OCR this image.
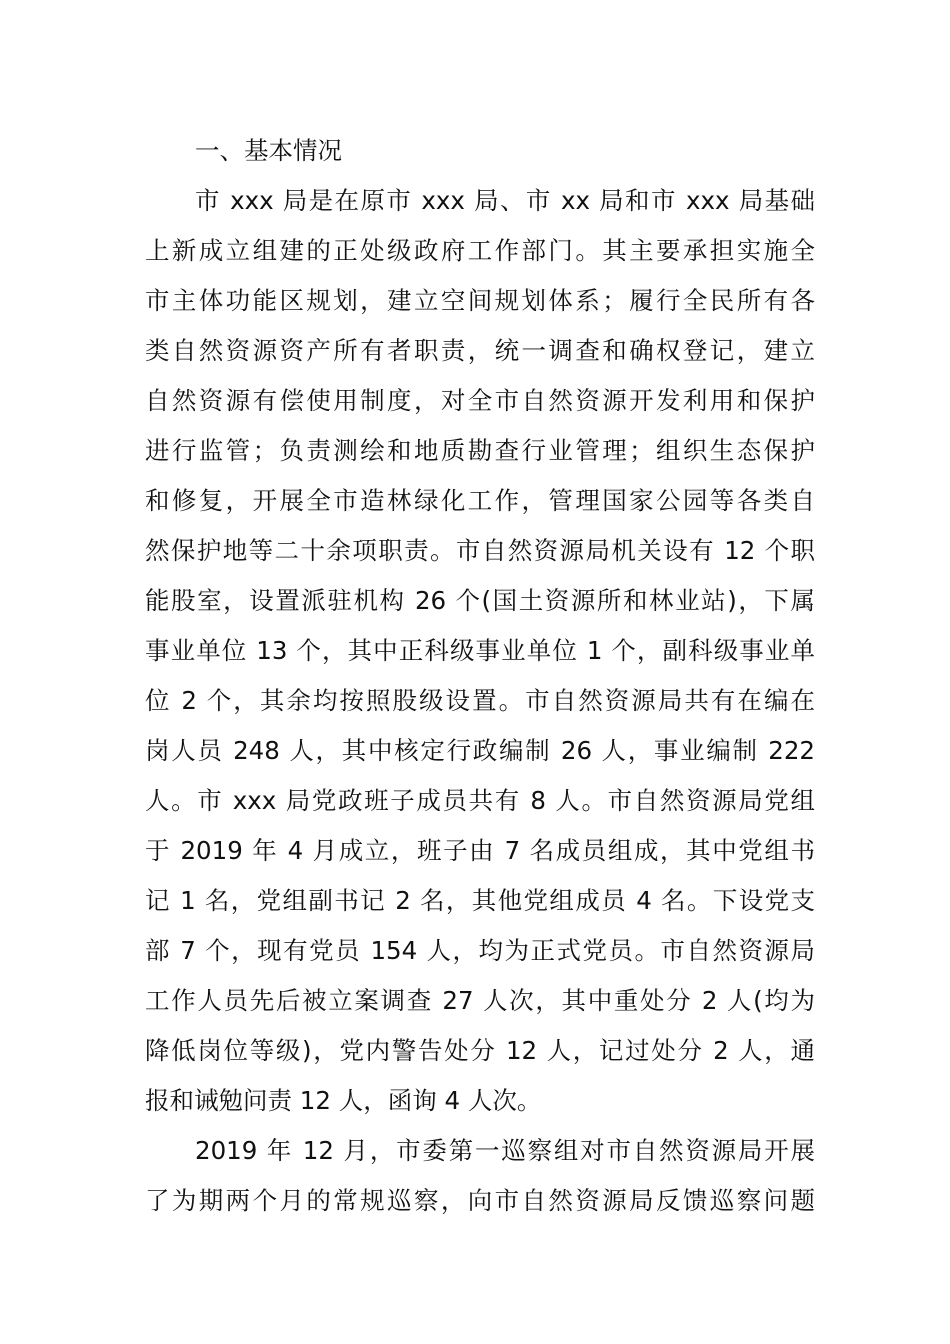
一、基本情况
市 xxx 局是在原市 xxx 局、市 xx 局和市 xxx 局基础
上新成立组建的正处级政府工作部门。其主要承担实施全
市主体功能区规划，建立空间规划体系；履行全民所有各
类自然资源资产所有者职责，统一调查和确权登记，建立
自然资源有偿使用制度，对全市自然资源开发利用和保护
进行监管；负责测绘和地质勘查行业管理；组织生态保护
和修复，开展全市造林绿化工作，管理国家公园等各类自
然保护地等二十余项职责。市自然资源局机关设有 12 个职
能股室，设置派驻机构 26 个(国土资源所和林业站)，下属
事业单位 13 个，其中正科级事业单位 1 个，副科级事业单
位 2 个，其余均按照股级设置。市自然资源局共有在编在
岗人员 248 人，其中核定行政编制 26 人，事业编制 222
人。市 xxx 局党政班子成员共有 8 人。市自然资源局党组
于 2019 年 4 月成立，班子由 7 名成员组成，其中党组书
记 1 名，党组副书记 2 名，其他党组成员 4 名。下设党支
部 7 个，现有党员 154 人，均为正式党员。市自然资源局
工作人员先后被立案调查 27 人次，其中重处分 2 人(均为
降低岗位等级)，党内警告处分 12 人，记过处分 2 人，通
报和诫勉问责 12 人，函询 4 人次。
2019 年 12 月，市委第一巡察组对市自然资源局开展
了为期两个月的常规巡察，向市自然资源局反馈巡察问题
